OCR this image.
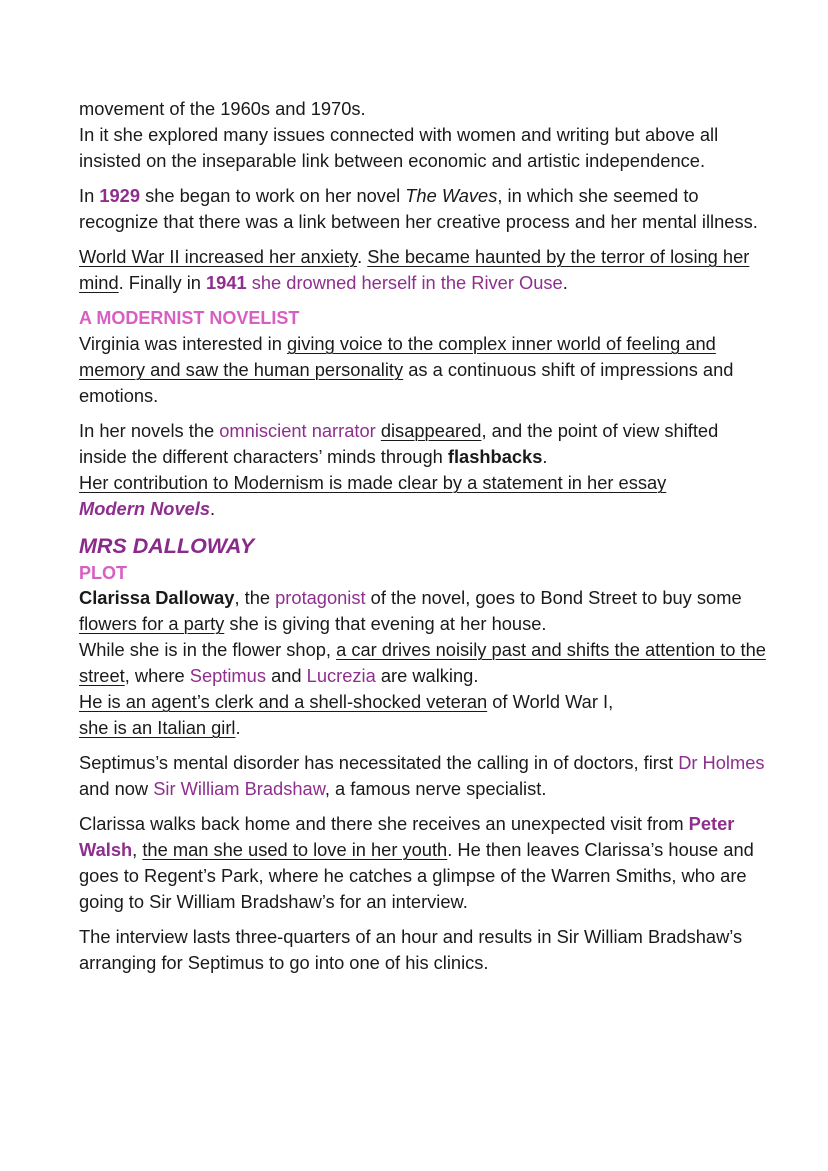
movement of the 1960s and 1970s.
In it she explored many issues connected with women and writing but above all insisted on the inseparable link between economic and artistic independence.

In 1929 she began to work on her novel The Waves, in which she seemed to recognize that there was a link between her creative process and her mental illness.

World War II increased her anxiety. She became haunted by the terror of losing her mind. Finally in 1941 she drowned herself in the River Ouse.

A MODERNIST NOVELIST

Virginia was interested in giving voice to the complex inner world of feeling and memory and saw the human personality as a continuous shift of impressions and emotions.

In her novels the omniscient narrator disappeared, and the point of view shifted inside the different characters’ minds through flashbacks.
Her contribution to Modernism is made clear by a statement in her essay
Modern Novels.

MRS DALLOWAY
PLOT

Clarissa Dalloway, the protagonist of the novel, goes to Bond Street to buy some flowers for a party she is giving that evening at her house.
While she is in the flower shop, a car drives noisily past and shifts the attention to the street, where Septimus and Lucrezia are walking.
He is an agent’s clerk and a shell-shocked veteran of World War I,
she is an Italian girl.

Septimus’s mental disorder has necessitated the calling in of doctors, first Dr Holmes and now Sir William Bradshaw, a famous nerve specialist.

Clarissa walks back home and there she receives an unexpected visit from Peter Walsh, the man she used to love in her youth. He then leaves Clarissa’s house and goes to Regent’s Park, where he catches a glimpse of the Warren Smiths, who are going to Sir William Bradshaw’s for an interview.

The interview lasts three-quarters of an hour and results in Sir William Bradshaw’s arranging for Septimus to go into one of his clinics.
